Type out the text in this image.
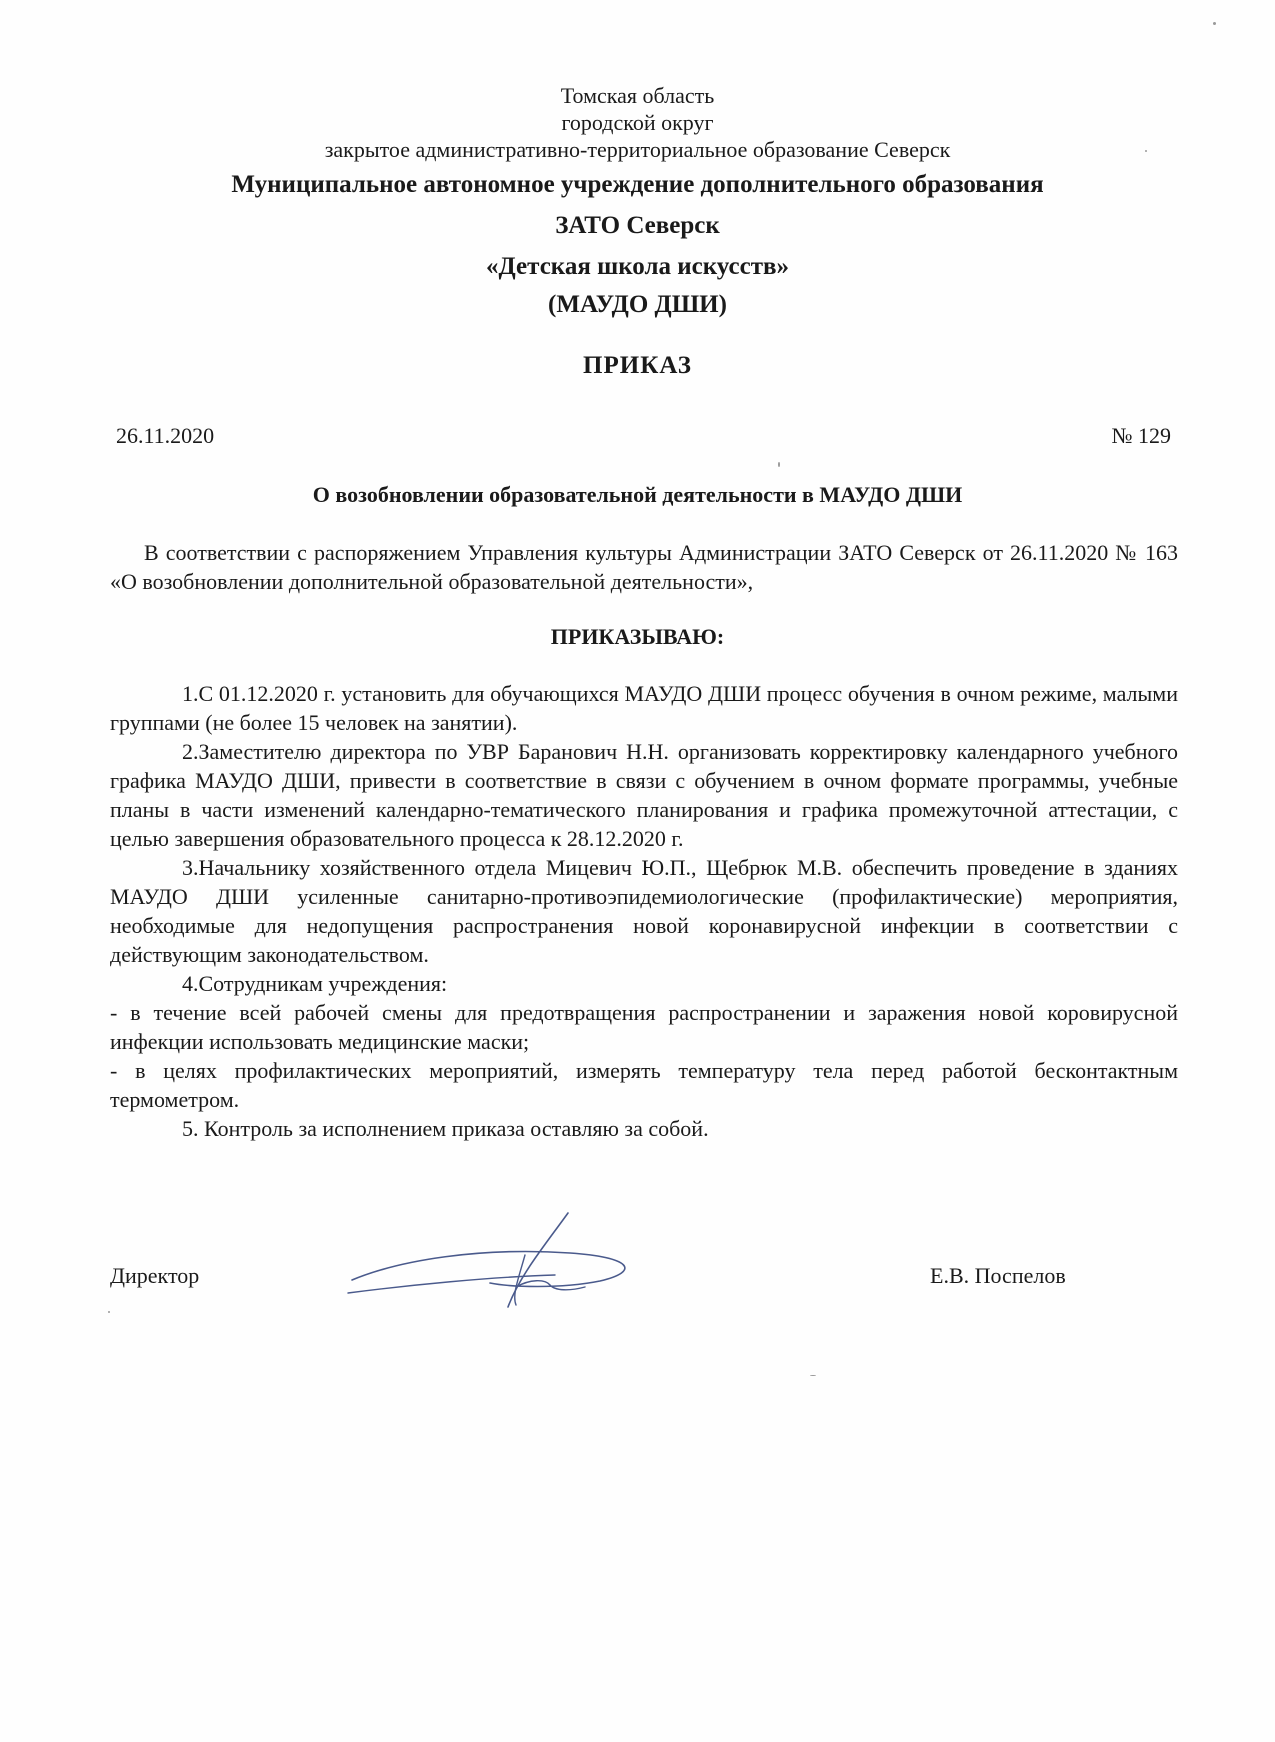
Томская область
городской округ
закрытое административно-территориальное образование Северск
Муниципальное автономное учреждение дополнительного образования
ЗАТО Северск
«Детская школа искусств»
(МАУДО ДШИ)
ПРИКАЗ
26.11.2020	№ 129
О возобновлении образовательной деятельности в МАУДО ДШИ
В соответствии с распоряжением Управления культуры Администрации ЗАТО Северск от 26.11.2020 № 163 «О возобновлении дополнительной образовательной деятельности»,
ПРИКАЗЫВАЮ:

1.С 01.12.2020 г. установить для обучающихся МАУДО ДШИ процесс обучения в очном режиме, малыми группами (не более 15 человек на занятии).

2.Заместителю директора по УВР Баранович Н.Н. организовать корректировку календарного учебного графика МАУДО ДШИ, привести в соответствие в связи с обучением в очном формате программы, учебные планы в части изменений календарно-тематического планирования и графика промежуточной аттестации, с целью завершения образовательного процесса к 28.12.2020 г.

3.Начальнику хозяйственного отдела Мицевич Ю.П., Щебрюк М.В. обеспечить проведение в зданиях МАУДО ДШИ усиленные санитарно-противоэпидемиологические (профилактические) мероприятия, необходимые для недопущения распространения новой коронавирусной инфекции в соответствии с действующим законодательством.

4.Сотрудникам учреждения:

- в течение всей рабочей смены для предотвращения распространении и заражения новой коровирусной инфекции использовать медицинские маски;

- в целях профилактических мероприятий, измерять температуру тела перед работой бесконтактным термометром.

5. Контроль за исполнением приказа оставляю за собой.

Директор	Е.В. Поспелов
